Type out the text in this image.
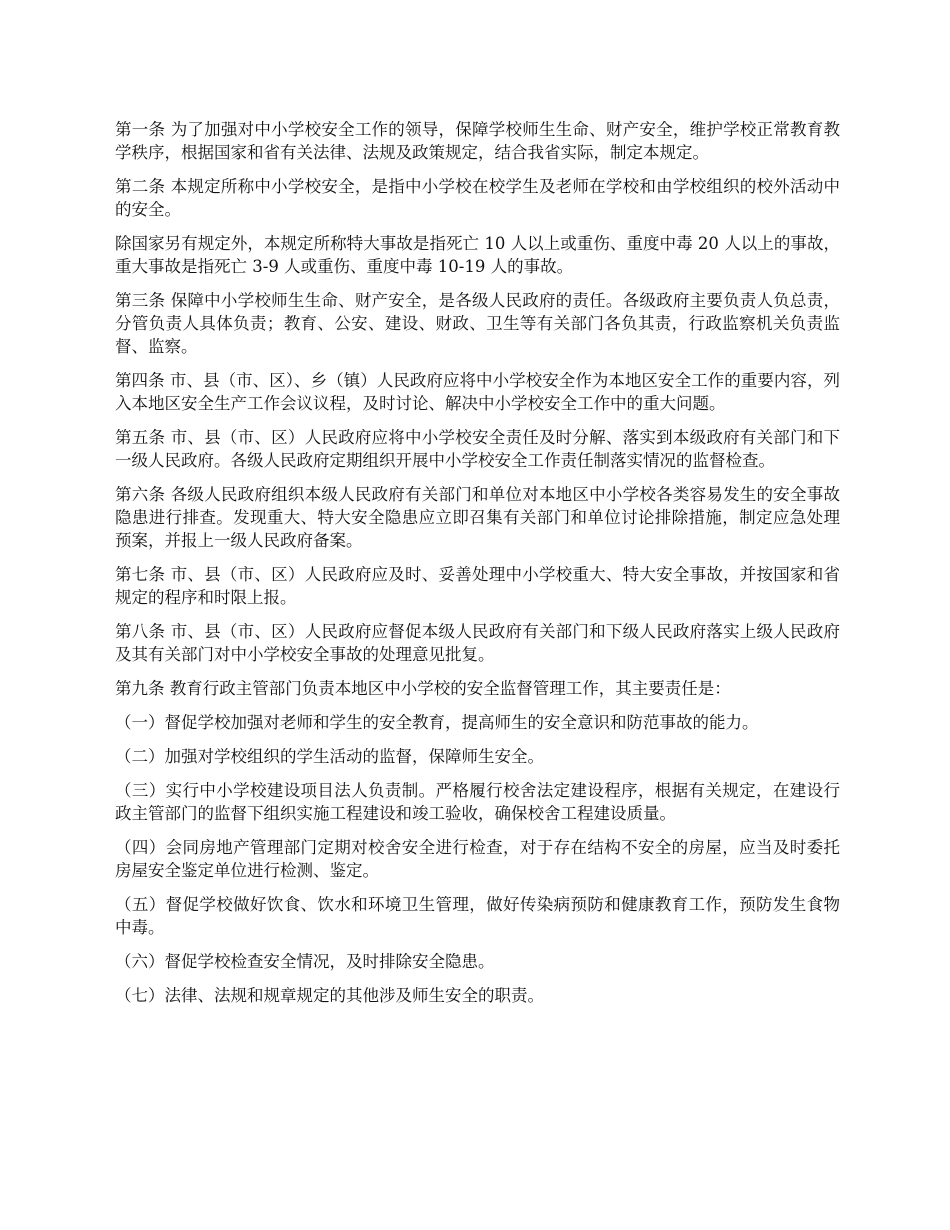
第一条 为了加强对中小学校安全工作的领导，保障学校师生生命、财产安全，维护学校正常教育教学秩序，根据国家和省有关法律、法规及政策规定，结合我省实际，制定本规定。

第二条 本规定所称中小学校安全，是指中小学校在校学生及老师在学校和由学校组织的校外活动中的安全。

除国家另有规定外，本规定所称特大事故是指死亡 10 人以上或重伤、重度中毒 20 人以上的事故，重大事故是指死亡 3-9 人或重伤、重度中毒 10-19 人的事故。

第三条 保障中小学校师生生命、财产安全，是各级人民政府的责任。各级政府主要负责人负总责，分管负责人具体负责；教育、公安、建设、财政、卫生等有关部门各负其责，行政监察机关负责监督、监察。

第四条 市、县（市、区）、乡（镇）人民政府应将中小学校安全作为本地区安全工作的重要内容，列入本地区安全生产工作会议议程，及时讨论、解决中小学校安全工作中的重大问题。

第五条 市、县（市、区）人民政府应将中小学校安全责任及时分解、落实到本级政府有关部门和下一级人民政府。各级人民政府定期组织开展中小学校安全工作责任制落实情况的监督检查。

第六条 各级人民政府组织本级人民政府有关部门和单位对本地区中小学校各类容易发生的安全事故隐患进行排查。发现重大、特大安全隐患应立即召集有关部门和单位讨论排除措施，制定应急处理预案，并报上一级人民政府备案。

第七条 市、县（市、区）人民政府应及时、妥善处理中小学校重大、特大安全事故，并按国家和省规定的程序和时限上报。

第八条 市、县（市、区）人民政府应督促本级人民政府有关部门和下级人民政府落实上级人民政府及其有关部门对中小学校安全事故的处理意见批复。

第九条 教育行政主管部门负责本地区中小学校的安全监督管理工作，其主要责任是：

（一）督促学校加强对老师和学生的安全教育，提高师生的安全意识和防范事故的能力。

（二）加强对学校组织的学生活动的监督，保障师生安全。

（三）实行中小学校建设项目法人负责制。严格履行校舍法定建设程序，根据有关规定，在建设行政主管部门的监督下组织实施工程建设和竣工验收，确保校舍工程建设质量。

（四）会同房地产管理部门定期对校舍安全进行检查，对于存在结构不安全的房屋，应当及时委托房屋安全鉴定单位进行检测、鉴定。

（五）督促学校做好饮食、饮水和环境卫生管理，做好传染病预防和健康教育工作，预防发生食物中毒。

（六）督促学校检查安全情况，及时排除安全隐患。

（七）法律、法规和规章规定的其他涉及师生安全的职责。
